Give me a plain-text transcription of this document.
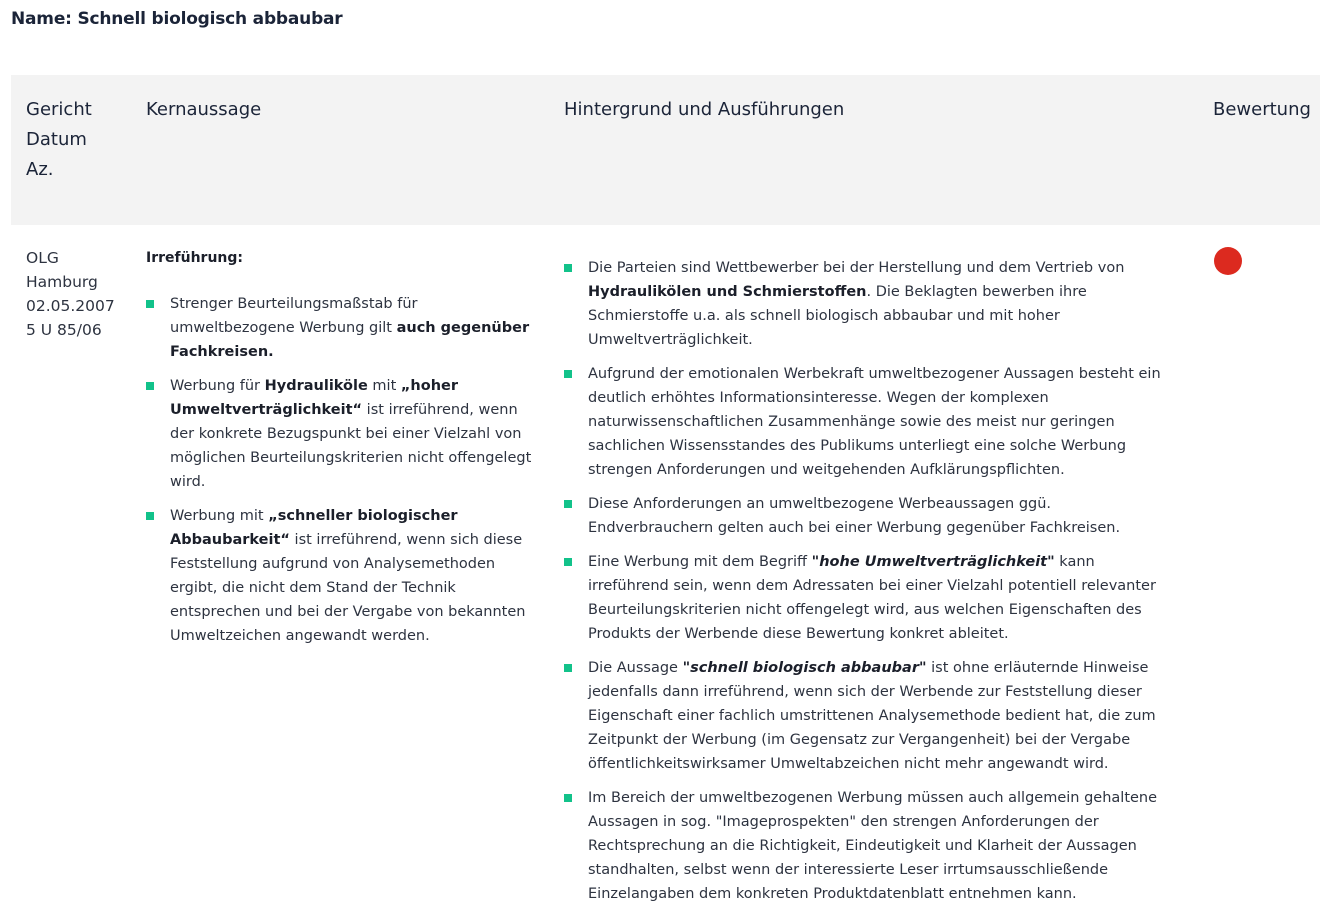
Name: Schnell biologisch abbaubar
Gericht
Datum
Az.
Kernaussage	Hintergrund und Ausführungen	Bewertung
OLG
Hamburg
02.05.2007
5 U 85/06

Irreführung:

Strenger Beurteilungsmaßstab für umweltbezogene Werbung gilt auch gegenüber Fachkreisen.
Werbung für Hydrauliköle mit „hoher Umweltverträglichkeit“ ist irreführend, wenn der konkrete Bezugspunkt bei einer Vielzahl von möglichen Beurteilungskriterien nicht offengelegt wird.
Werbung mit „schneller biologischer Abbaubarkeit“ ist irreführend, wenn sich diese Feststellung aufgrund von Analysemethoden ergibt, die nicht dem Stand der Technik entsprechen und bei der Vergabe von bekannten Umweltzeichen angewandt werden.
Die Parteien sind Wettbewerber bei der Herstellung und dem Vertrieb von Hydraulikölen und Schmierstoffen. Die Beklagten bewerben ihre Schmierstoffe u.a. als schnell biologisch abbaubar und mit hoher Umweltverträglichkeit.
Aufgrund der emotionalen Werbekraft umweltbezogener Aussagen besteht ein deutlich erhöhtes Informationsinteresse. Wegen der komplexen naturwissenschaftlichen Zusammenhänge sowie des meist nur geringen sachlichen Wissensstandes des Publikums unterliegt eine solche Werbung strengen Anforderungen und weitgehenden Aufklärungspflichten.
Diese Anforderungen an umweltbezogene Werbeaussagen ggü. Endverbrauchern gelten auch bei einer Werbung gegenüber Fachkreisen.
Eine Werbung mit dem Begriff "hohe Umweltverträglichkeit" kann irreführend sein, wenn dem Adressaten bei einer Vielzahl potentiell relevanter Beurteilungskriterien nicht offengelegt wird, aus welchen Eigenschaften des Produkts der Werbende diese Bewertung konkret ableitet.
Die Aussage "schnell biologisch abbaubar" ist ohne erläuternde Hinweise jedenfalls dann irreführend, wenn sich der Werbende zur Feststellung dieser Eigenschaft einer fachlich umstrittenen Analysemethode bedient hat, die zum Zeitpunkt der Werbung (im Gegensatz zur Vergangenheit) bei der Vergabe öffentlichkeitswirksamer Umweltabzeichen nicht mehr angewandt wird.
Im Bereich der umweltbezogenen Werbung müssen auch allgemein gehaltene Aussagen in sog. "Imageprospekten" den strengen Anforderungen der Rechtsprechung an die Richtigkeit, Eindeutigkeit und Klarheit der Aussagen standhalten, selbst wenn der interessierte Leser irrtumsausschließende Einzelangaben dem konkreten Produktdatenblatt entnehmen kann.
